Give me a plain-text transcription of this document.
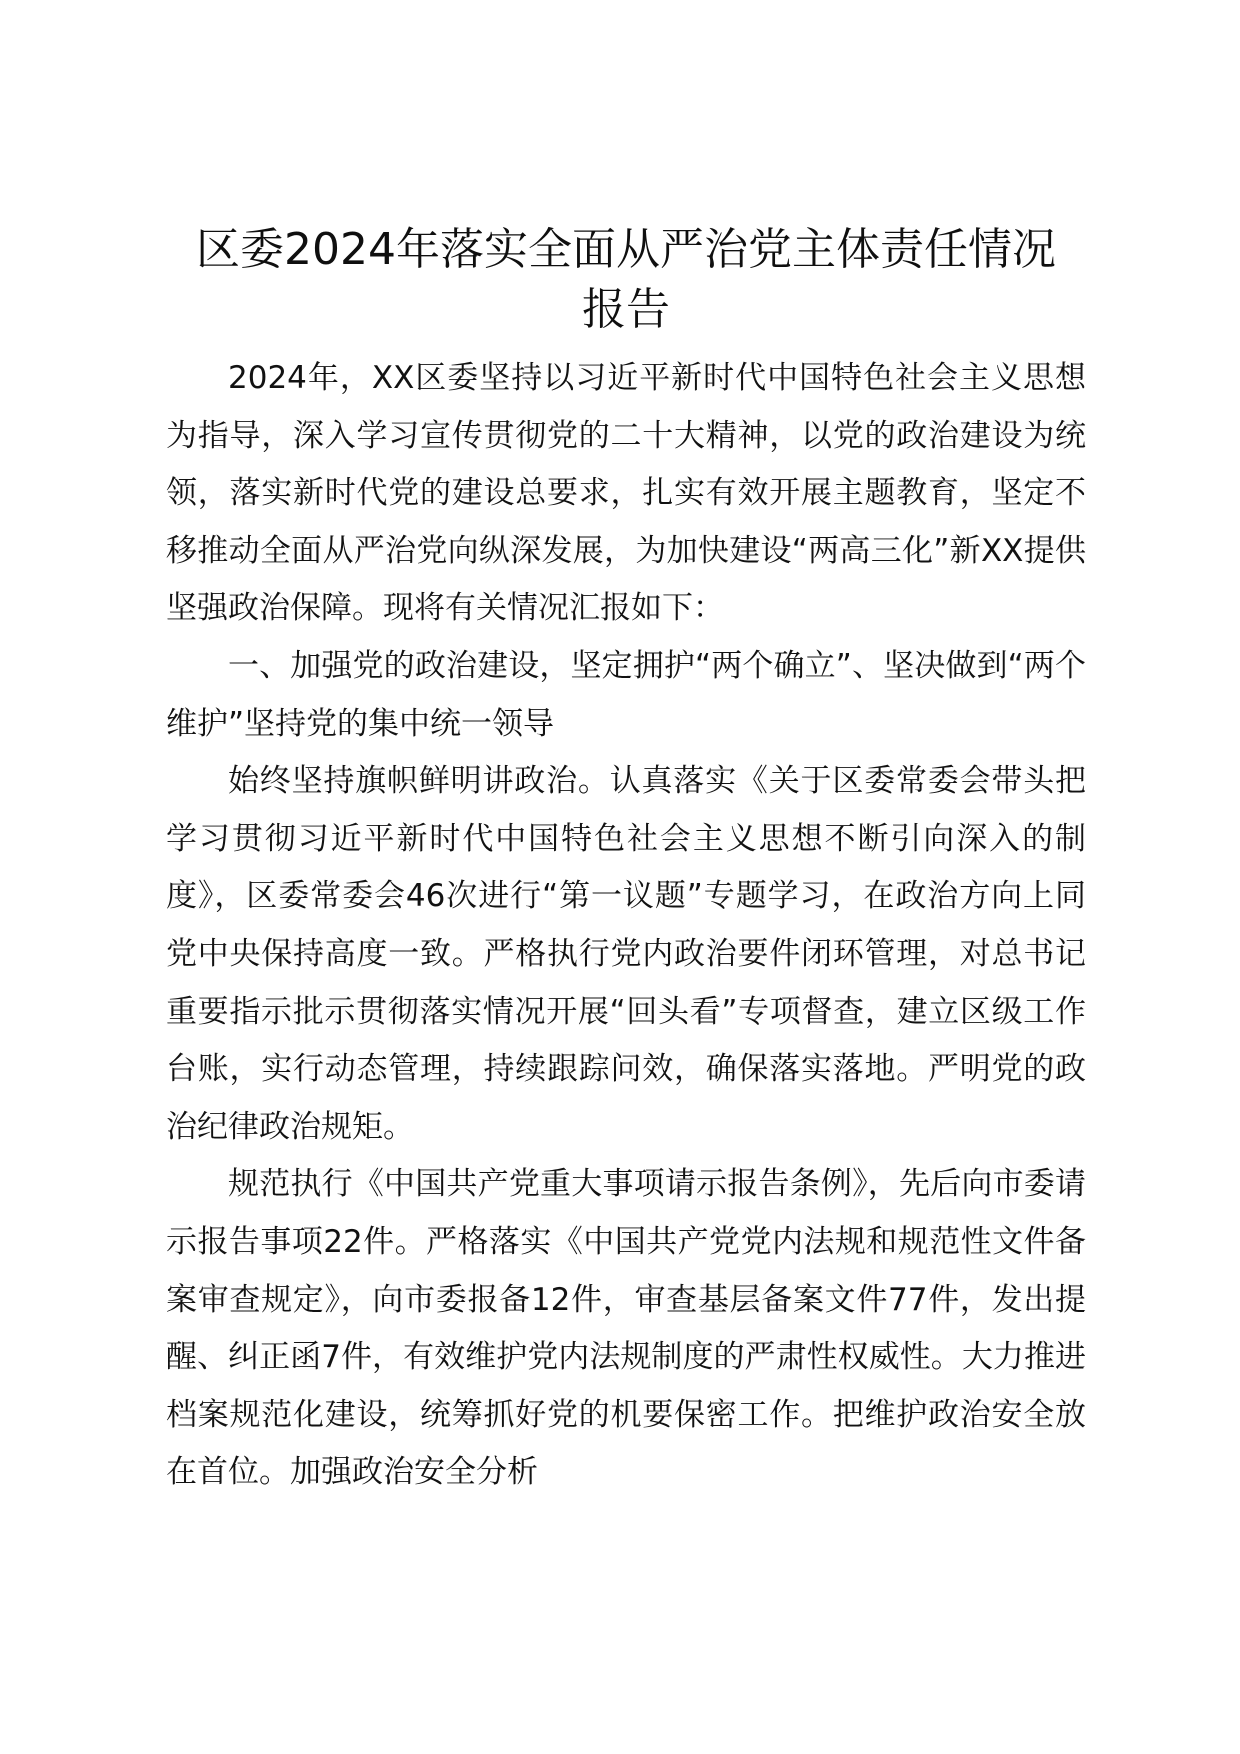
区委2024年落实全面从严治党主体责任情况
报告

2024年，XX区委坚持以习近平新时代中国特色社会主义思想为指导，深入学习宣传贯彻党的二十大精神，以党的政治建设为统领，落实新时代党的建设总要求，扎实有效开展主题教育，坚定不移推动全面从严治党向纵深发展，为加快建设“两高三化”新XX提供坚强政治保障。现将有关情况汇报如下：

一、加强党的政治建设，坚定拥护“两个确立”、坚决做到“两个维护”坚持党的集中统一领导

始终坚持旗帜鲜明讲政治。认真落实《关于区委常委会带头把学习贯彻习近平新时代中国特色社会主义思想不断引向深入的制度》，区委常委会46次进行“第一议题”专题学习，在政治方向上同党中央保持高度一致。严格执行党内政治要件闭环管理，对总书记重要指示批示贯彻落实情况开展“回头看”专项督查，建立区级工作台账，实行动态管理，持续跟踪问效，确保落实落地。严明党的政治纪律政治规矩。

规范执行《中国共产党重大事项请示报告条例》，先后向市委请示报告事项22件。严格落实《中国共产党党内法规和规范性文件备案审查规定》，向市委报备12件，审查基层备案文件77件，发出提醒、纠正函7件，有效维护党内法规制度的严肃性权威性。大力推进档案规范化建设，统筹抓好党的机要保密工作。把维护政治安全放在首位。加强政治安全分析
